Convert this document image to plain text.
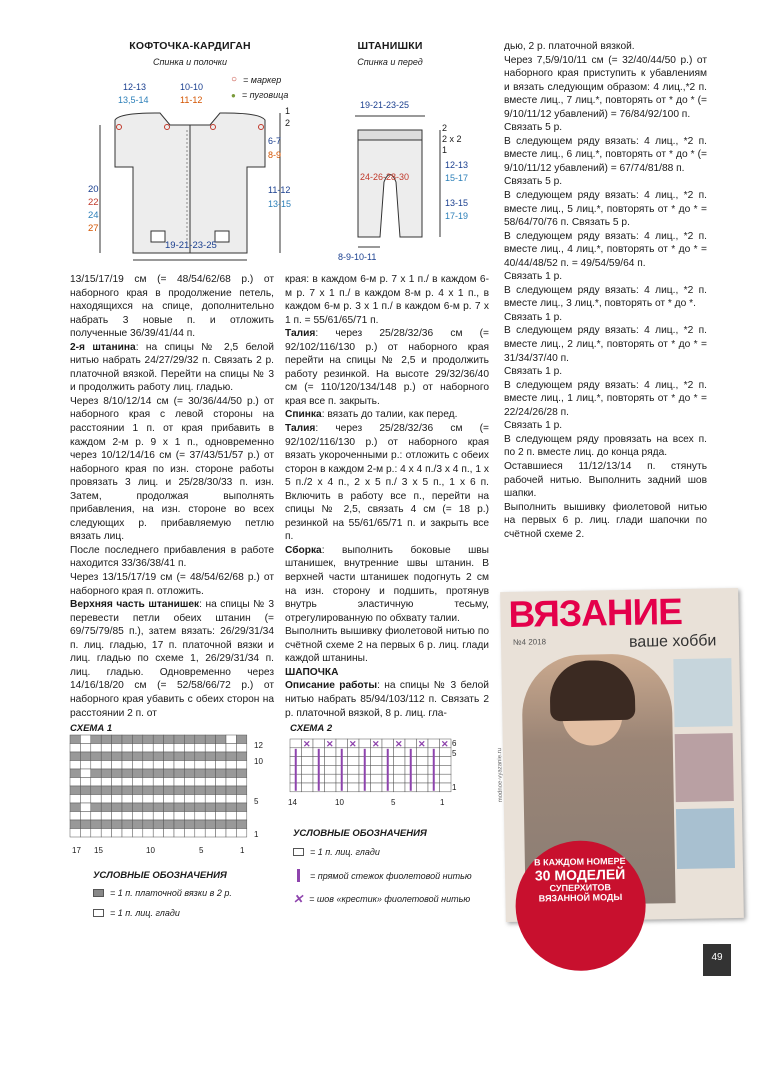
КОФТОЧКА-КАРДИГАН
Спинка и полочки
○ = маркер
● = пуговица
12-13
13,5-14
10-10
11-12
1
2
6-7
8-9
11-12
13-15
20
22
24
27
19-21-23-25
ШТАНИШКИ
Спинка и перед
19-21-23-25
2
2 х 2
1
12-13
15-17
13-15
17-19
24-26-28-30
8-9-10-11

13/15/17/19 см (= 48/54/62/68 р.) от наборного края в продолжение петель, находящихся на спице, дополнительно набрать 3 новые п. и отложить полученные 36/39/41/44 п.

2-я штанина: на спицы № 2,5 белой нитью набрать 24/27/29/32 п. Связать 2 р. платочной вязкой. Перейти на спицы № 3 и продолжить работу лиц. гладью.

Через 8/10/12/14 см (= 30/36/44/50 р.) от наборного края с левой стороны на расстоянии 1 п. от края прибавить в каждом 2-м р. 9 х 1 п., одновременно через 10/12/14/16 см (= 37/43/51/57 р.) от наборного края по изн. стороне работы провязать 3 лиц. и 25/28/30/33 п. изн. Затем, продолжая выполнять прибавления, на изн. стороне во всех следующих р. прибавляемую петлю вязать лиц.

После последнего прибавления в работе находится 33/36/38/41 п.

Через 13/15/17/19 см (= 48/54/62/68 р.) от наборного края п. отложить.

Верхняя часть штанишек: на спицы № 3 перевести петли обеих штанин (= 69/75/79/85 п.), затем вязать: 26/29/31/34 п. лиц. гладью, 17 п. платочной вязки и лиц. гладью по схеме 1, 26/29/31/34 п. лиц. гладью. Одновременно через 14/16/18/20 см (= 52/58/66/72 р.) от наборного края убавить с обеих сторон на расстоянии 2 п. от

края: в каждом 6-м р. 7 х 1 п./ в каждом 6-м р. 7 х 1 п./ в каждом 8-м р. 4 х 1 п., в каждом 6-м р. 3 х 1 п./ в каждом 6-м р. 7 х 1 п. = 55/61/65/71 п.

Талия: через 25/28/32/36 см (= 92/102/116/130 р.) от наборного края перейти на спицы № 2,5 и продолжить работу резинкой. На высоте 29/32/36/40 см (= 110/120/134/148 р.) от наборного края все п. закрыть.

Спинка: вязать до талии, как перед.

Талия: через 25/28/32/36 см (= 92/102/116/130 р.) от наборного края вязать укороченными р.: отложить с обеих сторон в каждом 2-м р.: 4 х 4 п./3 х 4 п., 1 х 5 п./2 х 4 п., 2 х 5 п./ 3 х 5 п., 1 х 6 п. Включить в работу все п., перейти на спицы № 2,5, связать 4 см (= 18 р.) резинкой на 55/61/65/71 п. и закрыть все п.

Сборка: выполнить боковые швы штанишек, внутренние швы штанин. В верхней части штанишек подогнуть 2 см на изн. сторону и подшить, протянув внутрь эластичную тесьму, отрегулированную по обхвату талии.

Выполнить вышивку фиолетовой нитью по счётной схеме 2 на первых 6 р. лиц. глади каждой штанины.

ШАПОЧКА

Описание работы: на спицы № 3 белой нитью набрать 85/94/103/112 п. Связать 2 р. платочной вязкой, 8 р. лиц. гла-

дью, 2 р. платочной вязкой.

Через 7,5/9/10/11 см (= 32/40/44/50 р.) от наборного края приступить к убавлениям и вязать следующим образом: 4 лиц.,*2 п. вместе лиц., 7 лиц.*, повторять от * до * (= 9/10/11/12 убавлений) = 76/84/92/100 п.

Связать 5 р.

В следующем ряду вязать: 4 лиц., *2 п. вместе лиц., 6 лиц.*, повторять от * до * (= 9/10/11/12 убавлений) = 67/74/81/88 п.

Связать 5 р.

В следующем ряду вязать: 4 лиц., *2 п. вместе лиц., 5 лиц.*, повторять от * до * = 58/64/70/76 п. Связать 5 р.

В следующем ряду вязать: 4 лиц., *2 п. вместе лиц., 4 лиц.*, повторять от * до * = 40/44/48/52 п. = 49/54/59/64 п.

Связать 1 р.

В следующем ряду вязать: 4 лиц., *2 п. вместе лиц., 3 лиц.*, повторять от * до *.

Связать 1 р.

В следующем ряду вязать: 4 лиц., *2 п. вместе лиц., 2 лиц.*, повторять от * до * = 31/34/37/40 п.

Связать 1 р.

В следующем ряду вязать: 4 лиц., *2 п. вместе лиц., 1 лиц.*, повторять от * до * = 22/24/26/28 п.

Связать 1 р.

В следующем ряду провязать на всех п. по 2 п. вместе лиц. до конца ряда.

Оставшиеся 11/12/13/14 п. стянуть рабочей нитью. Выполнить задний шов шапки.

Выполнить вышивку фиолетовой нитью на первых 6 р. лиц. глади шапочки по счётной схеме 2.

СХЕМА 1
12
10
5
1
17 15	10	5	1
УСЛОВНЫЕ ОБОЗНАЧЕНИЯ
= 1 п. платочной вязки в 2 р.
= 1 п. лиц. глади
СХЕМА 2
✕ ✕ ✕ ✕ ✕ ✕ ✕ 6
5
1
14	10	5	1
УСЛОВНЫЕ ОБОЗНАЧЕНИЯ
= 1 п. лиц. глади
= прямой стежок фиолетовой нитью
✕ = шов «крестик» фиолетовой нитью
ВЯЗАНИЕ
№4 2018	ваше хобби
modnoe-vyazanie.ru
В КАЖДОМ НОМЕРЕ
30 МОДЕЛЕЙ
СУПЕРХИТОВ
ВЯЗАННОЙ МОДЫ
49
